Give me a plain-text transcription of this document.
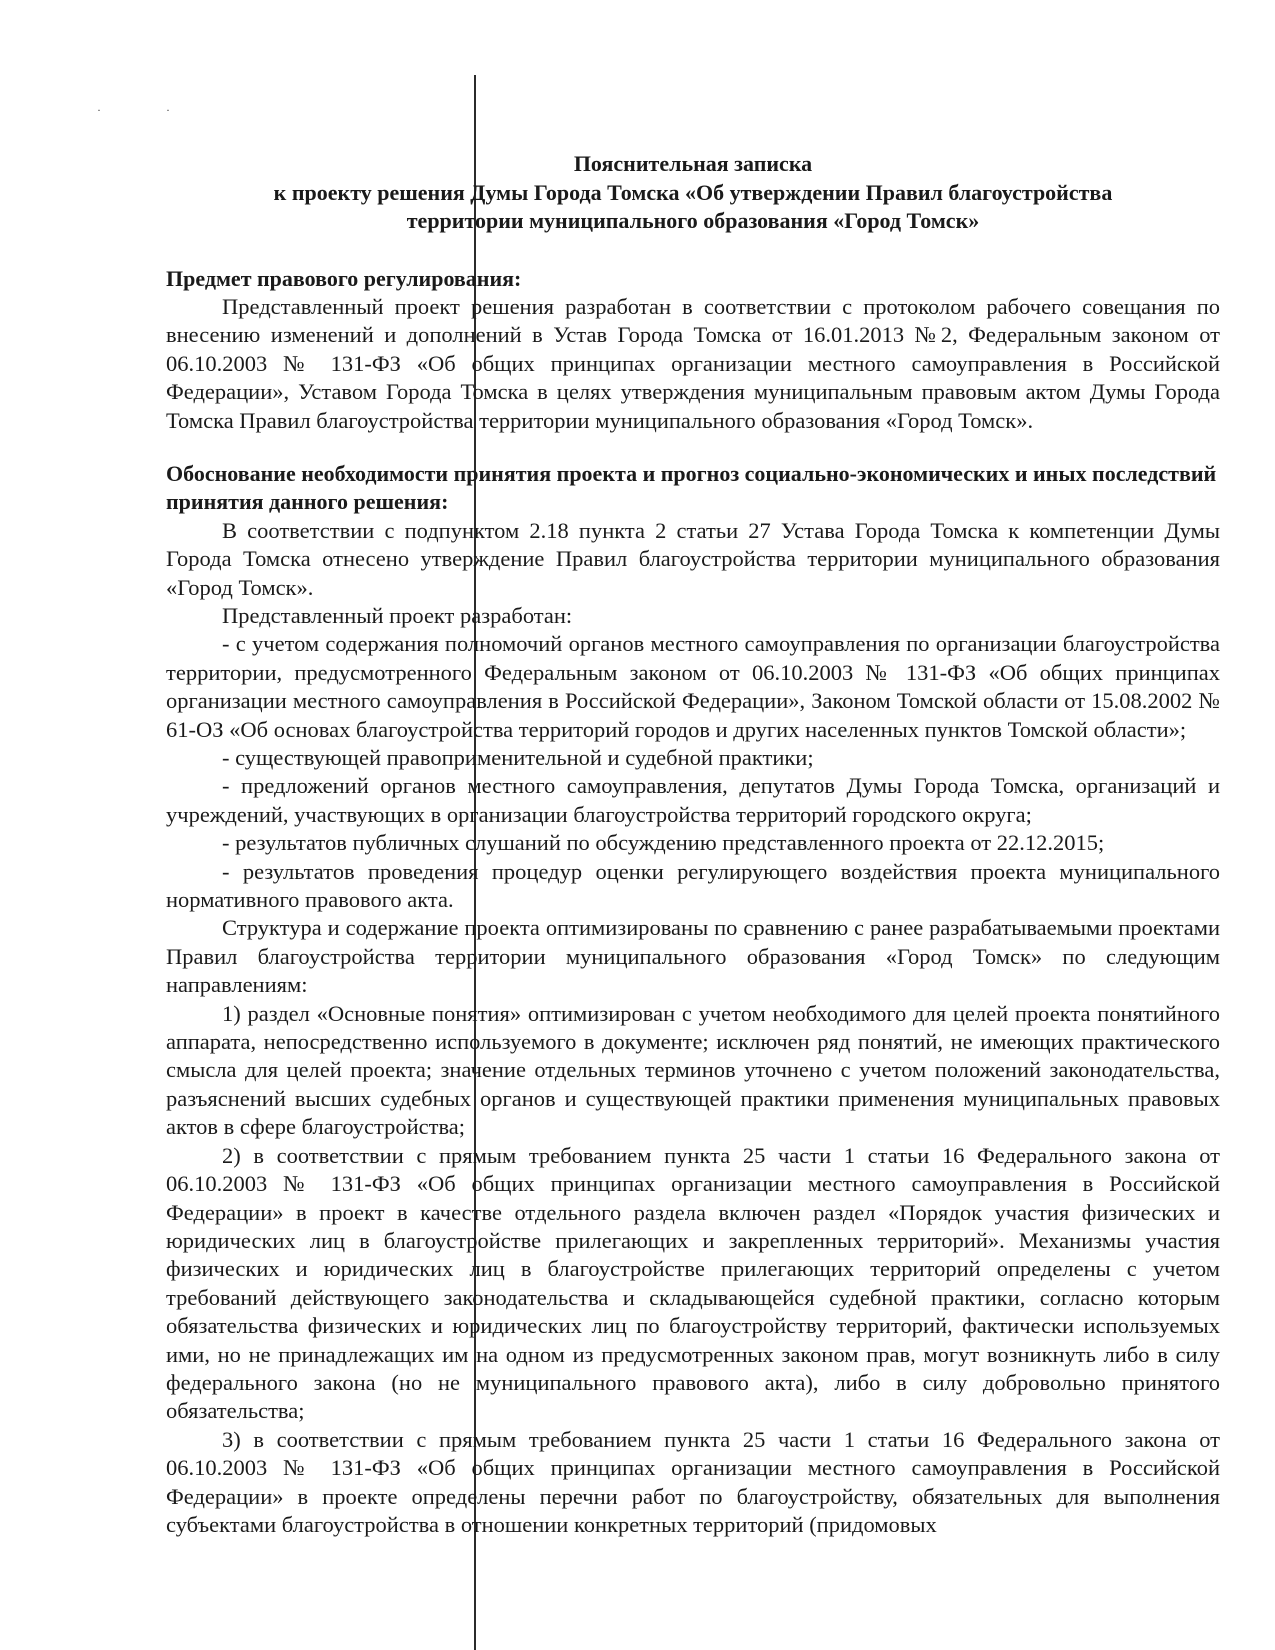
·	·
Пояснительная записка
к проекту решения Думы Города Томска «Об утверждении Правил благоустройства
территории муниципального образования «Город Томск»
Предмет правового регулирования:

Представленный проект решения разработан в соответствии с протоколом рабочего совещания по внесению изменений и дополнений в Устав Города Томска от 16.01.2013 №2, Федеральным законом от 06.10.2003 № 131-ФЗ «Об общих принципах организации местного самоуправления в Российской Федерации», Уставом Города Томска в целях утверждения муниципальным правовым актом Думы Города Томска Правил благоустройства территории муниципального образования «Город Томск».

Обоснование необходимости принятия проекта и прогноз социально-экономических и иных последствий принятия данного решения:

В соответствии с подпунктом 2.18 пункта 2 статьи 27 Устава Города Томска к компетенции Думы Города Томска отнесено утверждение Правил благоустройства территории муниципального образования «Город Томск».

Представленный проект разработан:

- с учетом содержания полномочий органов местного самоуправления по организации благоустройства территории, предусмотренного Федеральным законом от 06.10.2003 № 131-ФЗ «Об общих принципах организации местного самоуправления в Российской Федерации», Законом Томской области от 15.08.2002 № 61-ОЗ «Об основах благоустройства территорий городов и других населенных пунктов Томской области»;

- существующей правоприменительной и судебной практики;

- предложений органов местного самоуправления, депутатов Думы Города Томска, организаций и учреждений, участвующих в организации благоустройства территорий городского округа;

- результатов публичных слушаний по обсуждению представленного проекта от 22.12.2015;

- результатов проведения процедур оценки регулирующего воздействия проекта муниципального нормативного правового акта.

Структура и содержание проекта оптимизированы по сравнению с ранее разрабатываемыми проектами Правил благоустройства территории муниципального образования «Город Томск» по следующим направлениям:

1) раздел «Основные понятия» оптимизирован с учетом необходимого для целей проекта понятийного аппарата, непосредственно используемого в документе; исключен ряд понятий, не имеющих практического смысла для целей проекта; значение отдельных терминов уточнено с учетом положений законодательства, разъяснений высших судебных органов и существующей практики применения муниципальных правовых актов в сфере благоустройства;

2) в соответствии с прямым требованием пункта 25 части 1 статьи 16 Федерального закона от 06.10.2003 № 131-ФЗ «Об общих принципах организации местного самоуправления в Российской Федерации» в проект в качестве отдельного раздела включен раздел «Порядок участия физических и юридических лиц в благоустройстве прилегающих и закрепленных территорий». Механизмы участия физических и юридических лиц в благоустройстве прилегающих территорий определены с учетом требований действующего законодательства и складывающейся судебной практики, согласно которым обязательства физических и юридических лиц по благоустройству территорий, фактически используемых ими, но не принадлежащих им на одном из предусмотренных законом прав, могут возникнуть либо в силу федерального закона (но не муниципального правового акта), либо в силу добровольно принятого обязательства;

3) в соответствии с прямым требованием пункта 25 части 1 статьи 16 Федерального закона от 06.10.2003 № 131-ФЗ «Об общих принципах организации местного самоуправления в Российской Федерации» в проекте определены перечни работ по благоустройству, обязательных для выполнения субъектами благоустройства в отношении конкретных территорий (придомовых
